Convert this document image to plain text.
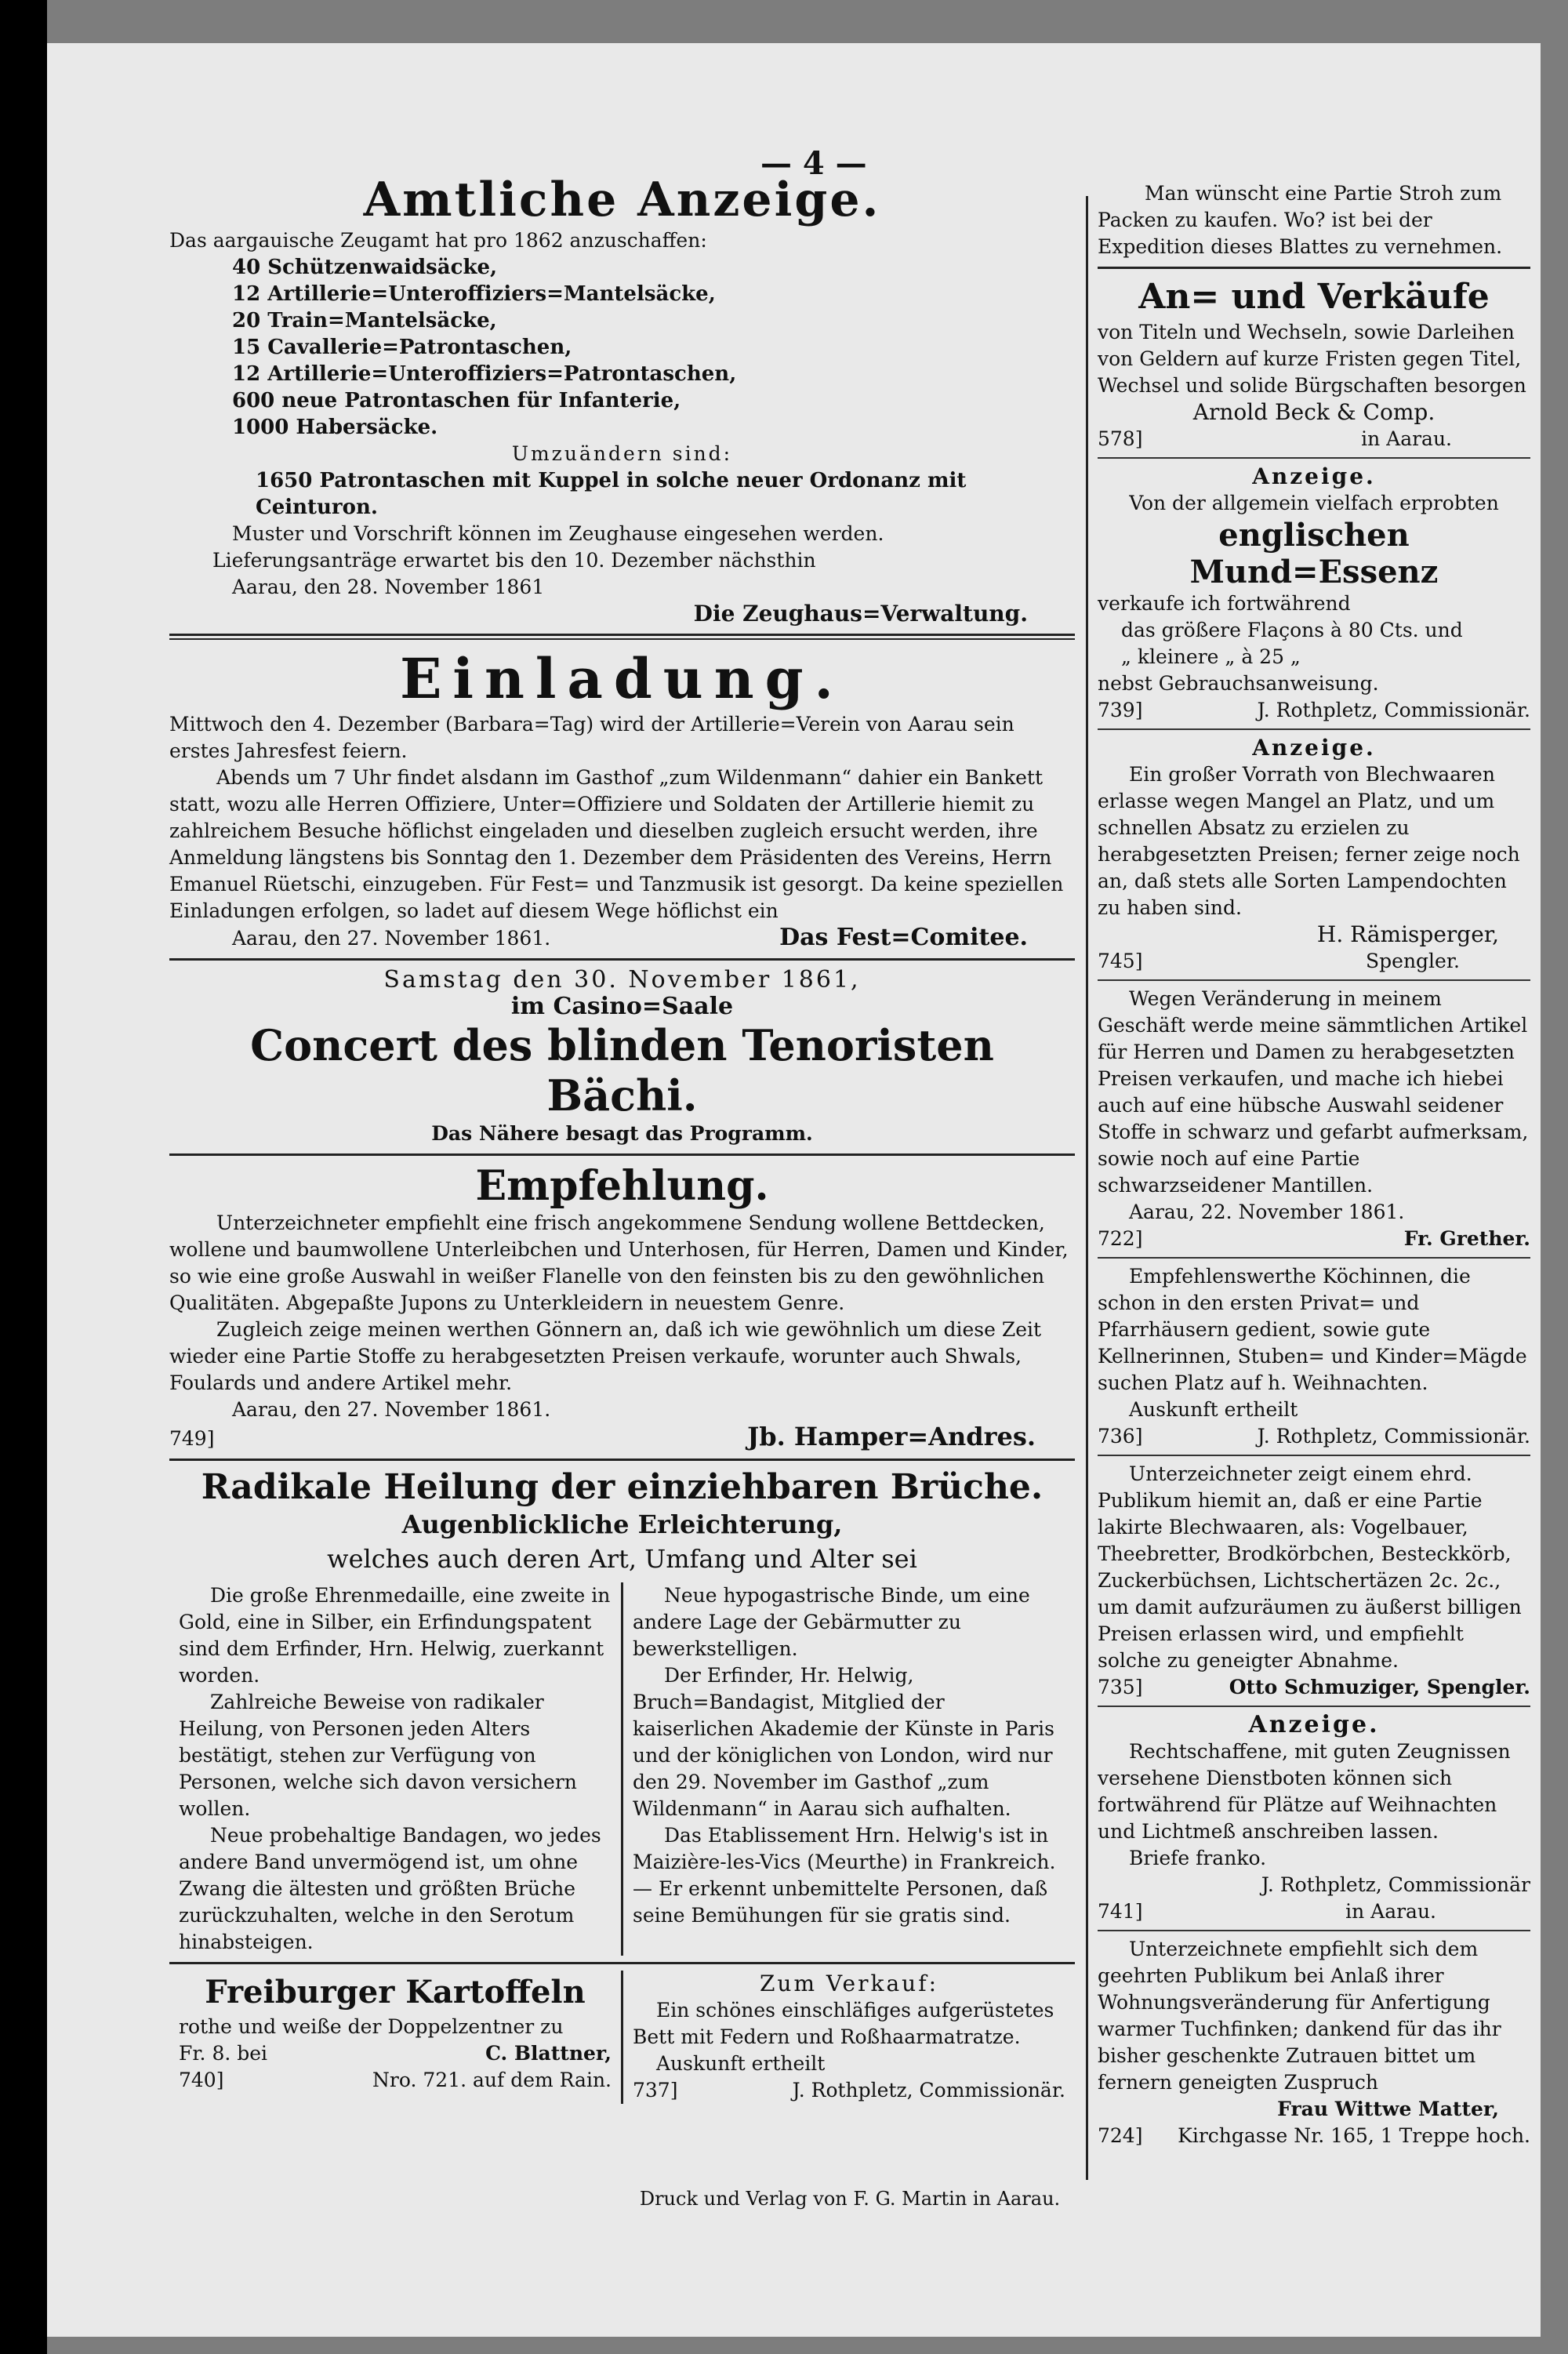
— 4 —
Amtliche Anzeige.

Das aargauische Zeugamt hat pro 1862 anzuschaffen:

40 Schützenwaidsäcke,
12 Artillerie=Unteroffiziers=Mantelsäcke,
20 Train=Mantelsäcke,
15 Cavallerie=Patrontaschen,
12 Artillerie=Unteroffiziers=Patrontaschen,
600 neue Patrontaschen für Infanterie,
1000 Habersäcke.

Umzuändern sind:

1650 Patrontaschen mit Kuppel in solche neuer Ordonanz mit Ceinturon.

Muster und Vorschrift können im Zeughause eingesehen werden.

Lieferungsanträge erwartet bis den 10. Dezember nächsthin

Aarau, den 28. November 1861

Die Zeughaus=Verwaltung.

Einladung.

Mittwoch den 4. Dezember (Barbara=Tag) wird der Artillerie=Verein von Aarau sein erstes Jahresfest feiern.

Abends um 7 Uhr findet alsdann im Gasthof „zum Wildenmann“ dahier ein Bankett statt, wozu alle Herren Offiziere, Unter=Offiziere und Soldaten der Artillerie hiemit zu zahlreichem Besuche höflichst eingeladen und dieselben zugleich ersucht werden, ihre Anmeldung längstens bis Sonntag den 1. Dezember dem Präsidenten des Vereins, Herrn Emanuel Rüetschi, einzugeben. Für Fest= und Tanzmusik ist gesorgt. Da keine speziellen Einladungen erfolgen, so ladet auf diesem Wege höflichst ein

Aarau, den 27. November 1861.	Das Fest=Comitee.

Samstag den 30. November 1861,

im Casino=Saale

Concert des blinden Tenoristen Bächi.

Das Nähere besagt das Programm.

Empfehlung.

Unterzeichneter empfiehlt eine frisch angekommene Sendung wollene Bettdecken, wollene und baumwollene Unterleibchen und Unterhosen, für Herren, Damen und Kinder, so wie eine große Auswahl in weißer Flanelle von den feinsten bis zu den gewöhnlichen Qualitäten. Abgepaßte Jupons zu Unterkleidern in neuestem Genre.

Zugleich zeige meinen werthen Gönnern an, daß ich wie gewöhnlich um diese Zeit wieder eine Partie Stoffe zu herabgesetzten Preisen verkaufe, worunter auch Shwals, Foulards und andere Artikel mehr.

Aarau, den 27. November 1861.

749]	Jb. Hamper=Andres.
Radikale Heilung der einziehbaren Brüche.

Augenblickliche Erleichterung,

welches auch deren Art, Umfang und Alter sei

Die große Ehrenmedaille, eine zweite in Gold, eine in Silber, ein Erfindungspatent sind dem Erfinder, Hrn. Helwig, zuerkannt worden.

Zahlreiche Beweise von radikaler Heilung, von Personen jeden Alters bestätigt, stehen zur Verfügung von Personen, welche sich davon versichern wollen.

Neue probehaltige Bandagen, wo jedes andere Band unvermögend ist, um ohne Zwang die ältesten und größten Brüche zurückzuhalten, welche in den Serotum hinabsteigen.

Neue hypogastrische Binde, um eine andere Lage der Gebärmutter zu bewerkstelligen.

Der Erfinder, Hr. Helwig, Bruch=Bandagist, Mitglied der kaiserlichen Akademie der Künste in Paris und der königlichen von London, wird nur den 29. November im Gasthof „zum Wildenmann“ in Aarau sich aufhalten.

Das Etablissement Hrn. Helwig's ist in Maizière-les-Vics (Meurthe) in Frankreich. — Er erkennt unbemittelte Personen, daß seine Bemühungen für sie gratis sind.

Freiburger Kartoffeln

rothe und weiße der Doppelzentner zu

Fr. 8. bei	C. Blattner,
740]	Nro. 721. auf dem Rain.

Zum Verkauf:

Ein schönes einschläfiges aufgerüstetes Bett mit Federn und Roßhaarmatratze.

Auskunft ertheilt

737]	J. Rothpletz, Commissionär.

Man wünscht eine Partie Stroh zum Packen zu kaufen. Wo? ist bei der Expedition dieses Blattes zu vernehmen.

An= und Verkäufe

von Titeln und Wechseln, sowie Darleihen von Geldern auf kurze Fristen gegen Titel, Wechsel und solide Bürgschaften besorgen

Arnold Beck & Comp.

578]	in Aarau.

Anzeige.

Von der allgemein vielfach erprobten

englischen Mund=Essenz

verkaufe ich fortwährend

das größere Flaçons à 80 Cts. und

„ kleinere „ à 25 „

nebst Gebrauchsanweisung.

739]	J. Rothpletz, Commissionär.

Anzeige.

Ein großer Vorrath von Blechwaaren erlasse wegen Mangel an Platz, und um schnellen Absatz zu erzielen zu herabgesetzten Preisen; ferner zeige noch an, daß stets alle Sorten Lampendochten zu haben sind.

H. Rämisperger,

745]	Spengler.

Wegen Veränderung in meinem Geschäft werde meine sämmtlichen Artikel für Herren und Damen zu herabgesetzten Preisen verkaufen, und mache ich hiebei auch auf eine hübsche Auswahl seidener Stoffe in schwarz und gefarbt aufmerksam, sowie noch auf eine Partie schwarzseidener Mantillen.

Aarau, 22. November 1861.

722]	Fr. Grether.

Empfehlenswerthe Köchinnen, die schon in den ersten Privat= und Pfarrhäusern gedient, sowie gute Kellnerinnen, Stuben= und Kinder=Mägde suchen Platz auf h. Weihnachten.

Auskunft ertheilt

736]	J. Rothpletz, Commissionär.

Unterzeichneter zeigt einem ehrd. Publikum hiemit an, daß er eine Partie lakirte Blechwaaren, als: Vogelbauer, Theebretter, Brodkörbchen, Besteckkörb, Zuckerbüchsen, Lichtschertäzen 2c. 2c., um damit aufzuräumen zu äußerst billigen Preisen erlassen wird, und empfiehlt solche zu geneigter Abnahme.

735]	Otto Schmuziger, Spengler.

Anzeige.

Rechtschaffene, mit guten Zeugnissen versehene Dienstboten können sich fortwährend für Plätze auf Weihnachten und Lichtmeß anschreiben lassen.

Briefe franko.

J. Rothpletz, Commissionär

741]	in Aarau.

Unterzeichnete empfiehlt sich dem geehrten Publikum bei Anlaß ihrer Wohnungsveränderung für Anfertigung warmer Tuchfinken; dankend für das ihr bisher geschenkte Zutrauen bittet um fernern geneigten Zuspruch

Frau Wittwe Matter,

724] Kirchgasse Nr. 165, 1 Treppe hoch.
Druck und Verlag von F. G. Martin in Aarau.
